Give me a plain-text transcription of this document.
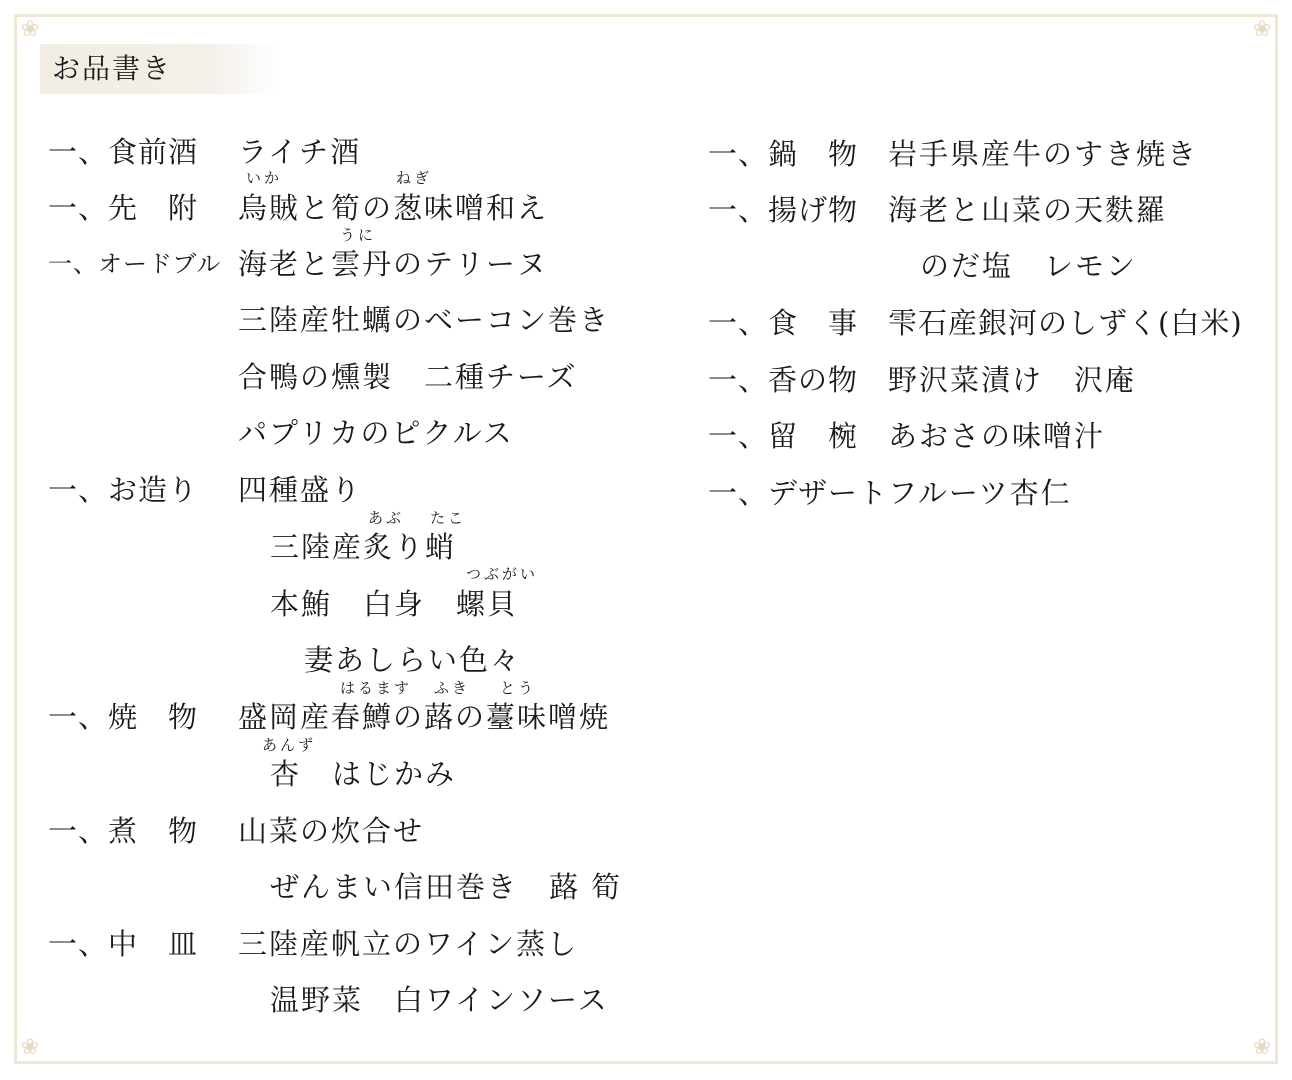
❀	❀
❀	❀
お品書き
一、食前酒 ライチ酒
いか	ねぎ
一、先　附 烏賊と筍の葱味噌和え
うに
一、オードブル 海老と雲丹のテリーヌ
三陸産牡蠣のベーコン巻き
合鴨の燻製　二種チーズ
パプリカのピクルス
一、お造り 四種盛り
あぶ たこ
三陸産炙り蛸
つぶがい
本鮪　白身　螺貝
妻あしらい色々
はるます ふき とう
一、焼　物 盛岡産春鱒の蕗の薹味噌焼
あんず
杏　はじかみ
一、煮　物 山菜の炊合せ
ぜんまい信田巻き　蕗 筍
一、中　皿 三陸産帆立のワイン蒸し
温野菜　白ワインソース
一、鍋　物 岩手県産牛のすき焼き
一、揚げ物 海老と山菜の天麩羅
のだ塩　レモン
一、食　事 雫石産銀河のしずく(白米)
一、香の物 野沢菜漬け　沢庵
一、留　椀 あおさの味噌汁
一、デザート フルーツ杏仁
